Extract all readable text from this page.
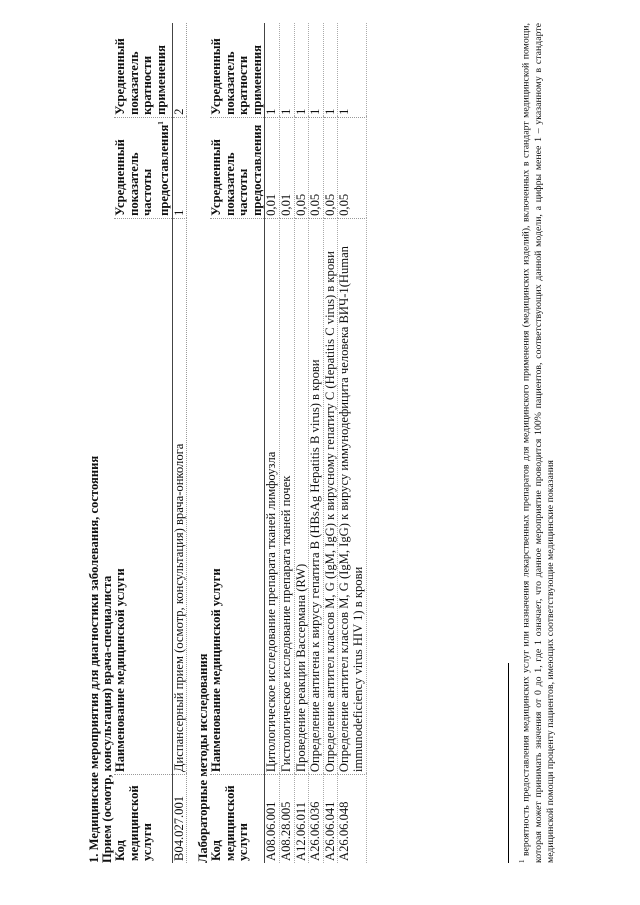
1. Медицинские мероприятия для диагностики заболевания, состояния Прием (осмотр, консультация) врача-специалиста Код медицинской услуги	Наименование медицинской услуги	Усредненный показатель частоты предоставления$^1$	Усредненный показатель кратности применения
B04.027.001	Диспансерный прием (осмотр, консультация) врача-онколога	1	2
Лабораторные методы исследования Код медицинской услуги	Наименование медицинской услуги	Усредненный показатель частоты предоставления	Усредненный показатель кратности применения
A08.06.001	Цитологическое исследование препарата тканей лимфоузла	0,01	1
A08.28.005	Гистологическое исследование препарата тканей почек	0,01	1
A12.06.011	Проведение реакции Вассермана (RW)	0,05	1
A26.06.036	Определение антигена к вирусу гепатита B (HBsAg Hepatitis B virus) в крови	0,05	1
A26.06.041	Определение антител классов M, G (IgM, IgG) к вирусному гепатиту C (Hepatitis C virus) в крови	0,05	1
A26.06.048	Определение антител классов M, G (IgM, IgG) к вирусу иммунодефицита человека ВИЧ-1(Human immunodeficiency virus HIV 1) в крови	0,05	1
$^1$ вероятность предоставления медицинских услуг или назначения лекарственных препаратов для медицинского применения (медицинских изделий), включенных в стандарт медицинской помощи, которая может принимать значения от 0 до 1, где 1 означает, что данное мероприятие проводится 100% пациентов, соответствующих данной модели, а цифры менее 1 – указанному в стандарте медицинской помощи проценту пациентов, имеющих соответствующие медицинские показания
